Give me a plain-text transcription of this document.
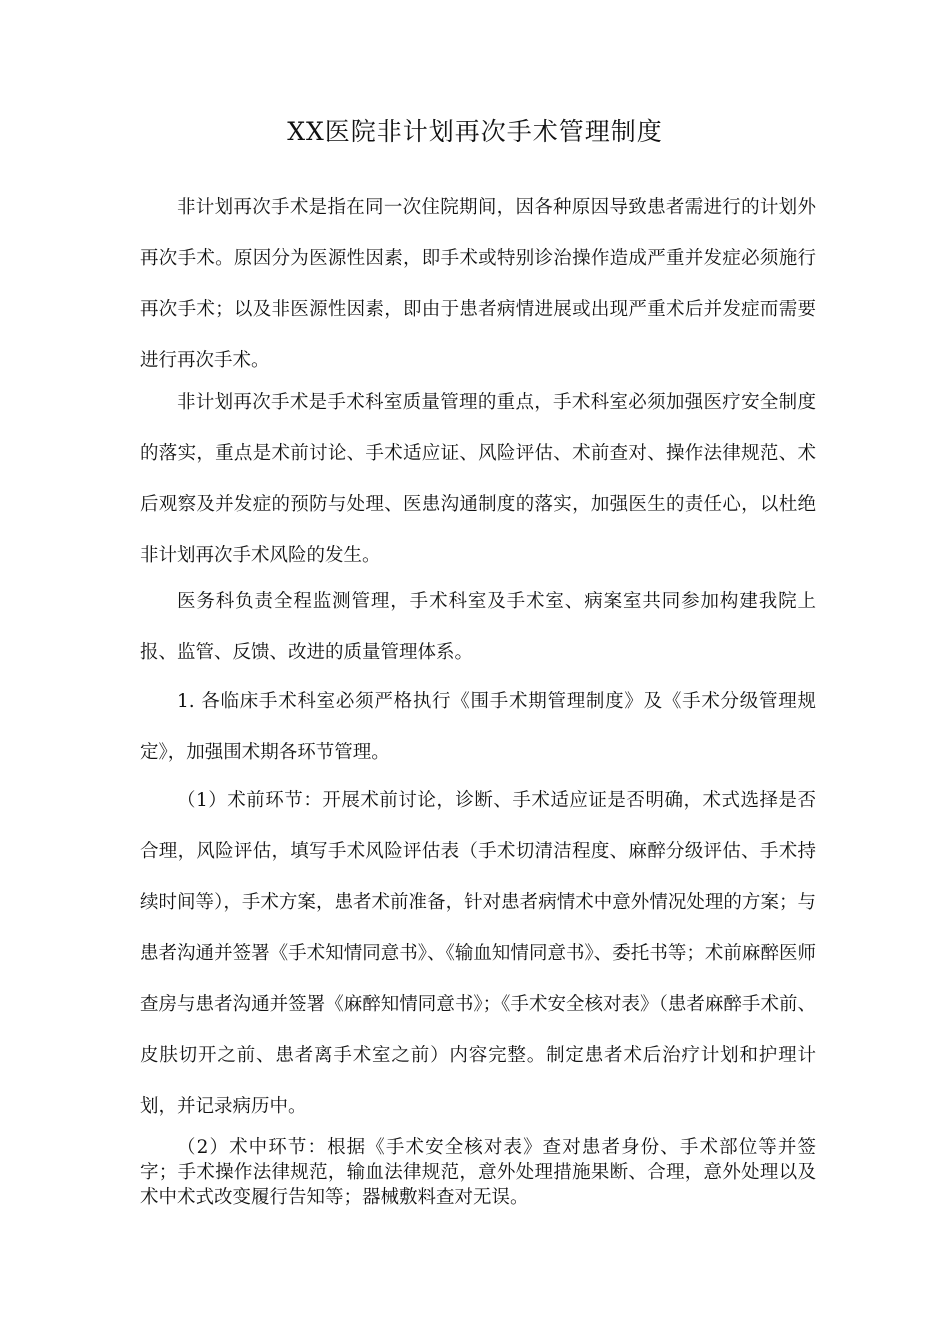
XX医院非计划再次手术管理制度

非计划再次手术是指在同一次住院期间，因各种原因导致患者需进行的计划外再次手术。原因分为医源性因素，即手术或特别诊治操作造成严重并发症必须施行再次手术；以及非医源性因素，即由于患者病情进展或出现严重术后并发症而需要进行再次手术。

非计划再次手术是手术科室质量管理的重点，手术科室必须加强医疗安全制度的落实，重点是术前讨论、手术适应证、风险评估、术前查对、操作法律规范、术后观察及并发症的预防与处理、医患沟通制度的落实，加强医生的责任心，以杜绝非计划再次手术风险的发生。

医务科负责全程监测管理，手术科室及手术室、病案室共同参加构建我院上报、监管、反馈、改进的质量管理体系。

1. 各临床手术科室必须严格执行《围手术期管理制度》及《手术分级管理规定》，加强围术期各环节管理。

（1）术前环节：开展术前讨论，诊断、手术适应证是否明确，术式选择是否合理，风险评估，填写手术风险评估表（手术切清洁程度、麻醉分级评估、手术持续时间等），手术方案，患者术前准备，针对患者病情术中意外情况处理的方案；与患者沟通并签署《手术知情同意书》、《输血知情同意书》、委托书等；术前麻醉医师查房与患者沟通并签署《麻醉知情同意书》；《手术安全核对表》（患者麻醉手术前、皮肤切开之前、患者离手术室之前）内容完整。制定患者术后治疗计划和护理计划，并记录病历中。

（2）术中环节：根据《手术安全核对表》查对患者身份、手术部位等并签字；手术操作法律规范，输血法律规范，意外处理措施果断、合理，意外处理以及术中术式改变履行告知等；器械敷料查对无误。
